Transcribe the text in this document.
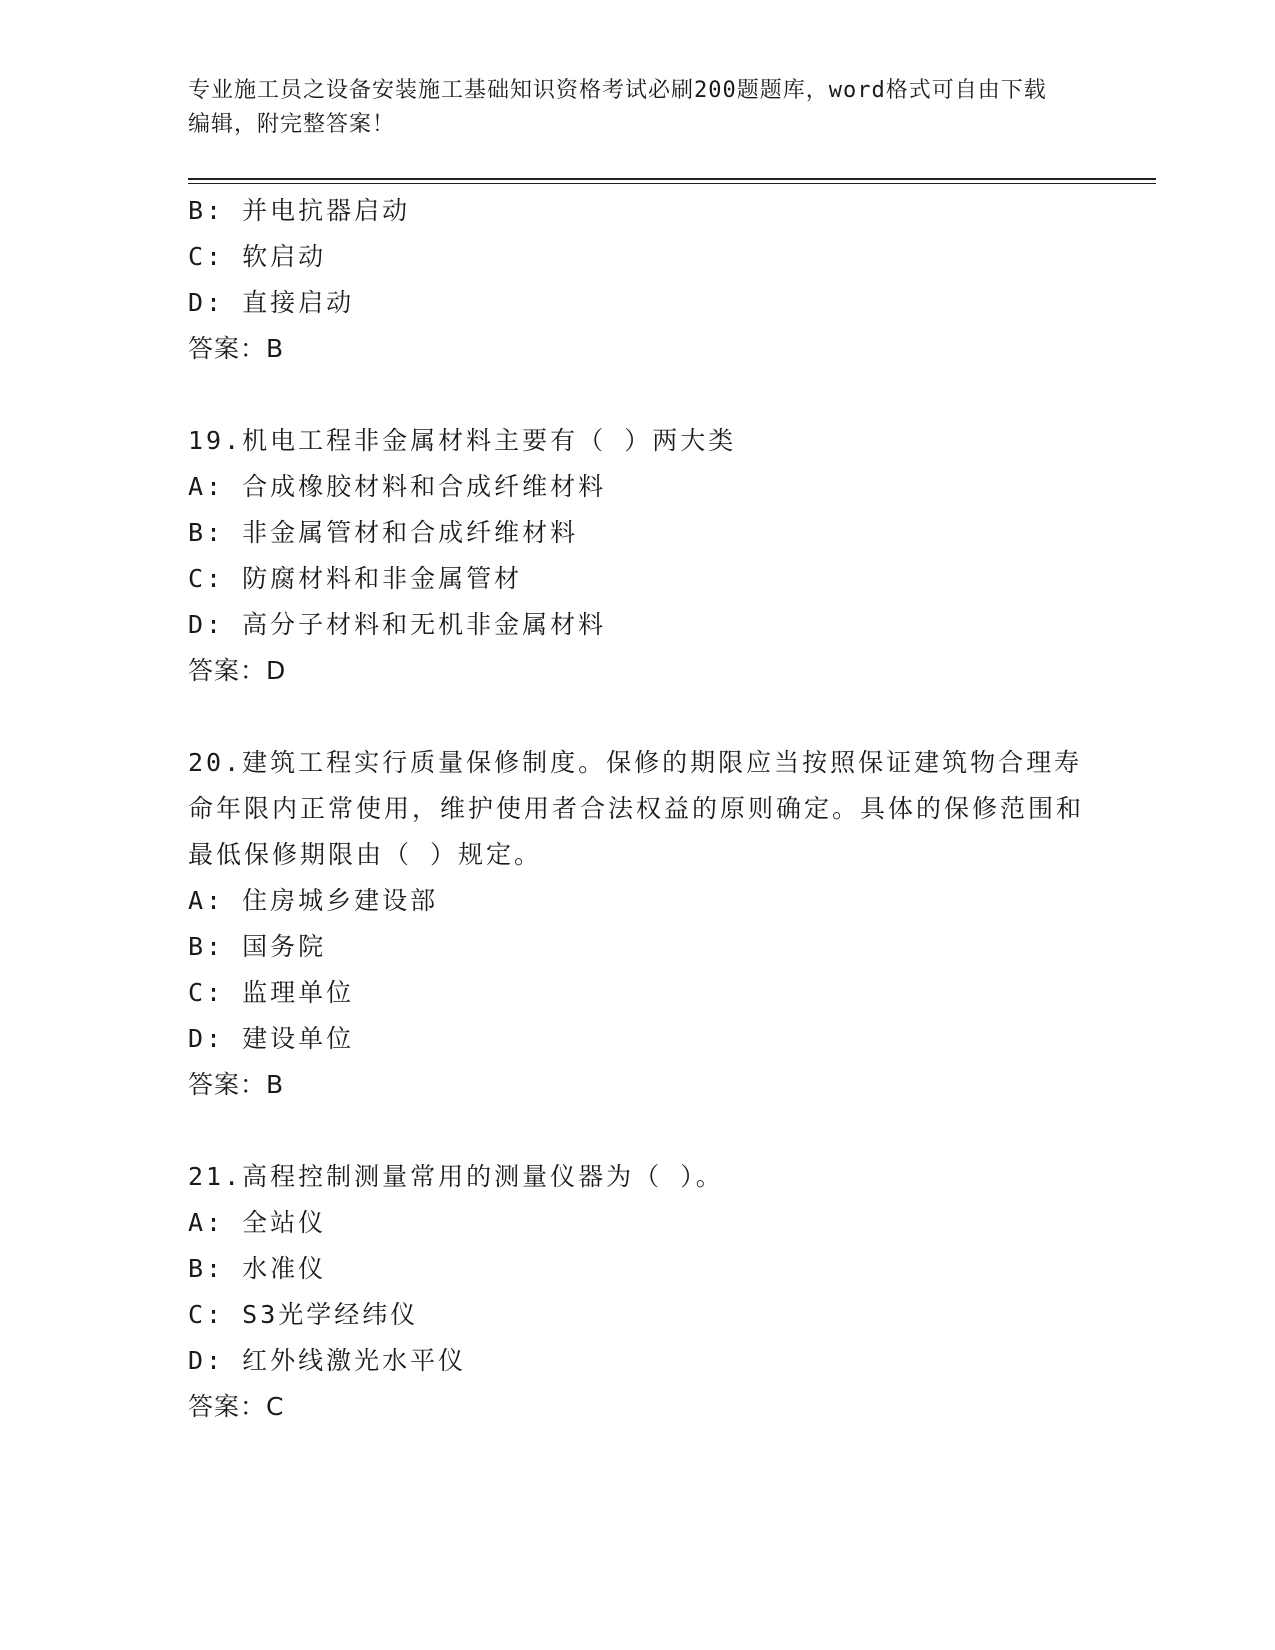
专业施工员之设备安装施工基础知识资格考试必刷200题题库，word格式可自由下载编辑，附完整答案！
B: 并电抗器启动
C: 软启动
D: 直接启动
答案：B
19.机电工程非金属材料主要有（ ）两大类
A: 合成橡胶材料和合成纤维材料
B: 非金属管材和合成纤维材料
C: 防腐材料和非金属管材
D: 高分子材料和无机非金属材料
答案：D
20.建筑工程实行质量保修制度。保修的期限应当按照保证建筑物合理寿命年限内正常使用，维护使用者合法权益的原则确定。具体的保修范围和最低保修期限由（ ）规定。
A: 住房城乡建设部
B: 国务院
C: 监理单位
D: 建设单位
答案：B
21.高程控制测量常用的测量仪器为（ ）。
A: 全站仪
B: 水准仪
C: S3光学经纬仪
D: 红外线激光水平仪
答案：C
